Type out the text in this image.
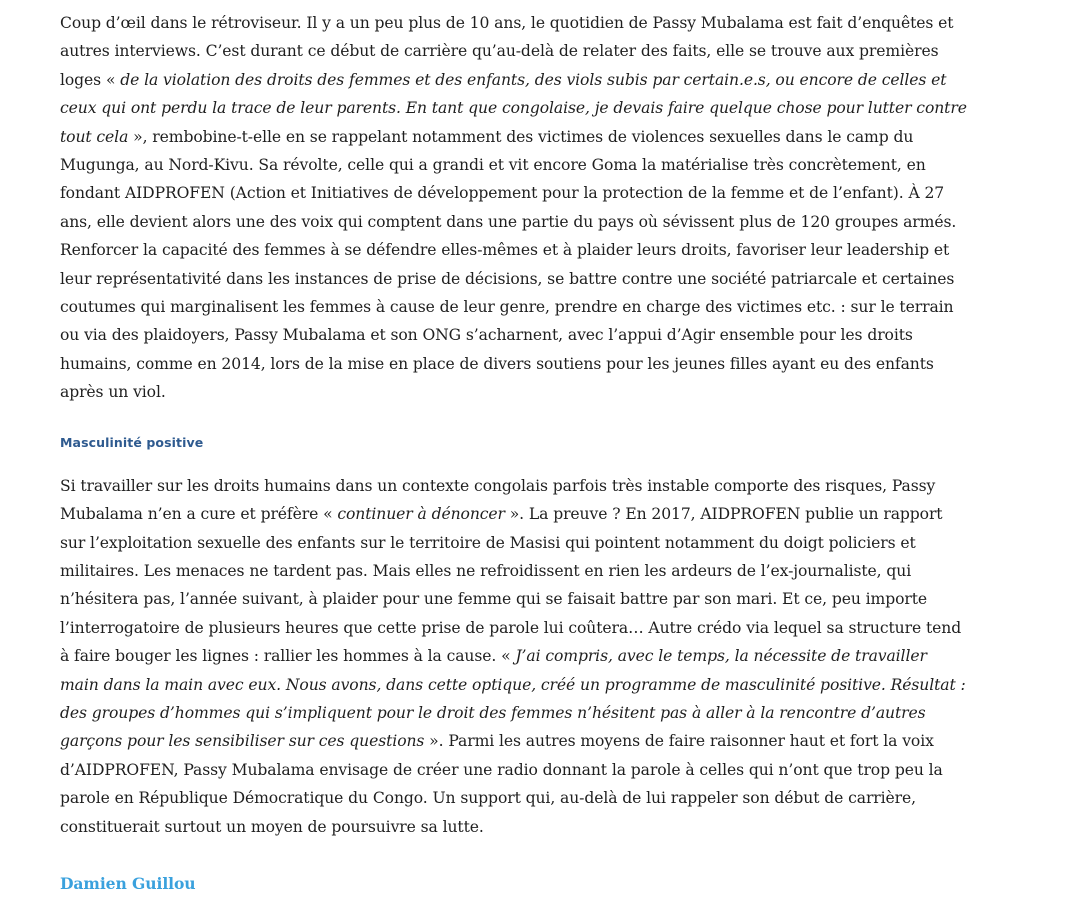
Coup d’œil dans le rétroviseur. Il y a un peu plus de 10 ans, le quotidien de Passy Mubalama est fait d’enquêtes et autres interviews. C’est durant ce début de carrière qu’au-delà de relater des faits, elle se trouve aux premières loges « de la violation des droits des femmes et des enfants, des viols subis par certain.e.s, ou encore de celles et ceux qui ont perdu la trace de leur parents. En tant que congolaise, je devais faire quelque chose pour lutter contre tout cela », rembobine-t-elle en se rappelant notamment des victimes de violences sexuelles dans le camp du Mugunga, au Nord-Kivu. Sa révolte, celle qui a grandi et vit encore Goma la matérialise très concrètement, en fondant AIDPROFEN (Action et Initiatives de développement pour la protection de la femme et de l’enfant). À 27 ans, elle devient alors une des voix qui comptent dans une partie du pays où sévissent plus de 120 groupes armés. Renforcer la capacité des femmes à se défendre elles-mêmes et à plaider leurs droits, favoriser leur leadership et leur représentativité dans les instances de prise de décisions, se battre contre une société patriarcale et certaines coutumes qui marginalisent les femmes à cause de leur genre, prendre en charge des victimes etc. : sur le terrain ou via des plaidoyers, Passy Mubalama et son ONG s’acharnent, avec l’appui d’Agir ensemble pour les droits humains, comme en 2014, lors de la mise en place de divers soutiens pour les jeunes filles ayant eu des enfants après un viol.

Masculinité positive

Si travailler sur les droits humains dans un contexte congolais parfois très instable comporte des risques, Passy Mubalama n’en a cure et préfère « continuer à dénoncer ». La preuve ? En 2017, AIDPROFEN publie un rapport sur l’exploitation sexuelle des enfants sur le territoire de Masisi qui pointent notamment du doigt policiers et militaires. Les menaces ne tardent pas. Mais elles ne refroidissent en rien les ardeurs de l’ex-journaliste, qui n’hésitera pas, l’année suivant, à plaider pour une femme qui se faisait battre par son mari. Et ce, peu importe l’interrogatoire de plusieurs heures que cette prise de parole lui coûtera… Autre crédo via lequel sa structure tend à faire bouger les lignes : rallier les hommes à la cause. « J’ai compris, avec le temps, la nécessite de travailler main dans la main avec eux. Nous avons, dans cette optique, créé un programme de masculinité positive. Résultat : des groupes d’hommes qui s’impliquent pour le droit des femmes n’hésitent pas à aller à la rencontre d’autres garçons pour les sensibiliser sur ces questions ». Parmi les autres moyens de faire raisonner haut et fort la voix d’AIDPROFEN, Passy Mubalama envisage de créer une radio donnant la parole à celles qui n’ont que trop peu la parole en République Démocratique du Congo. Un support qui, au-delà de lui rappeler son début de carrière, constituerait surtout un moyen de poursuivre sa lutte.

Damien Guillou
